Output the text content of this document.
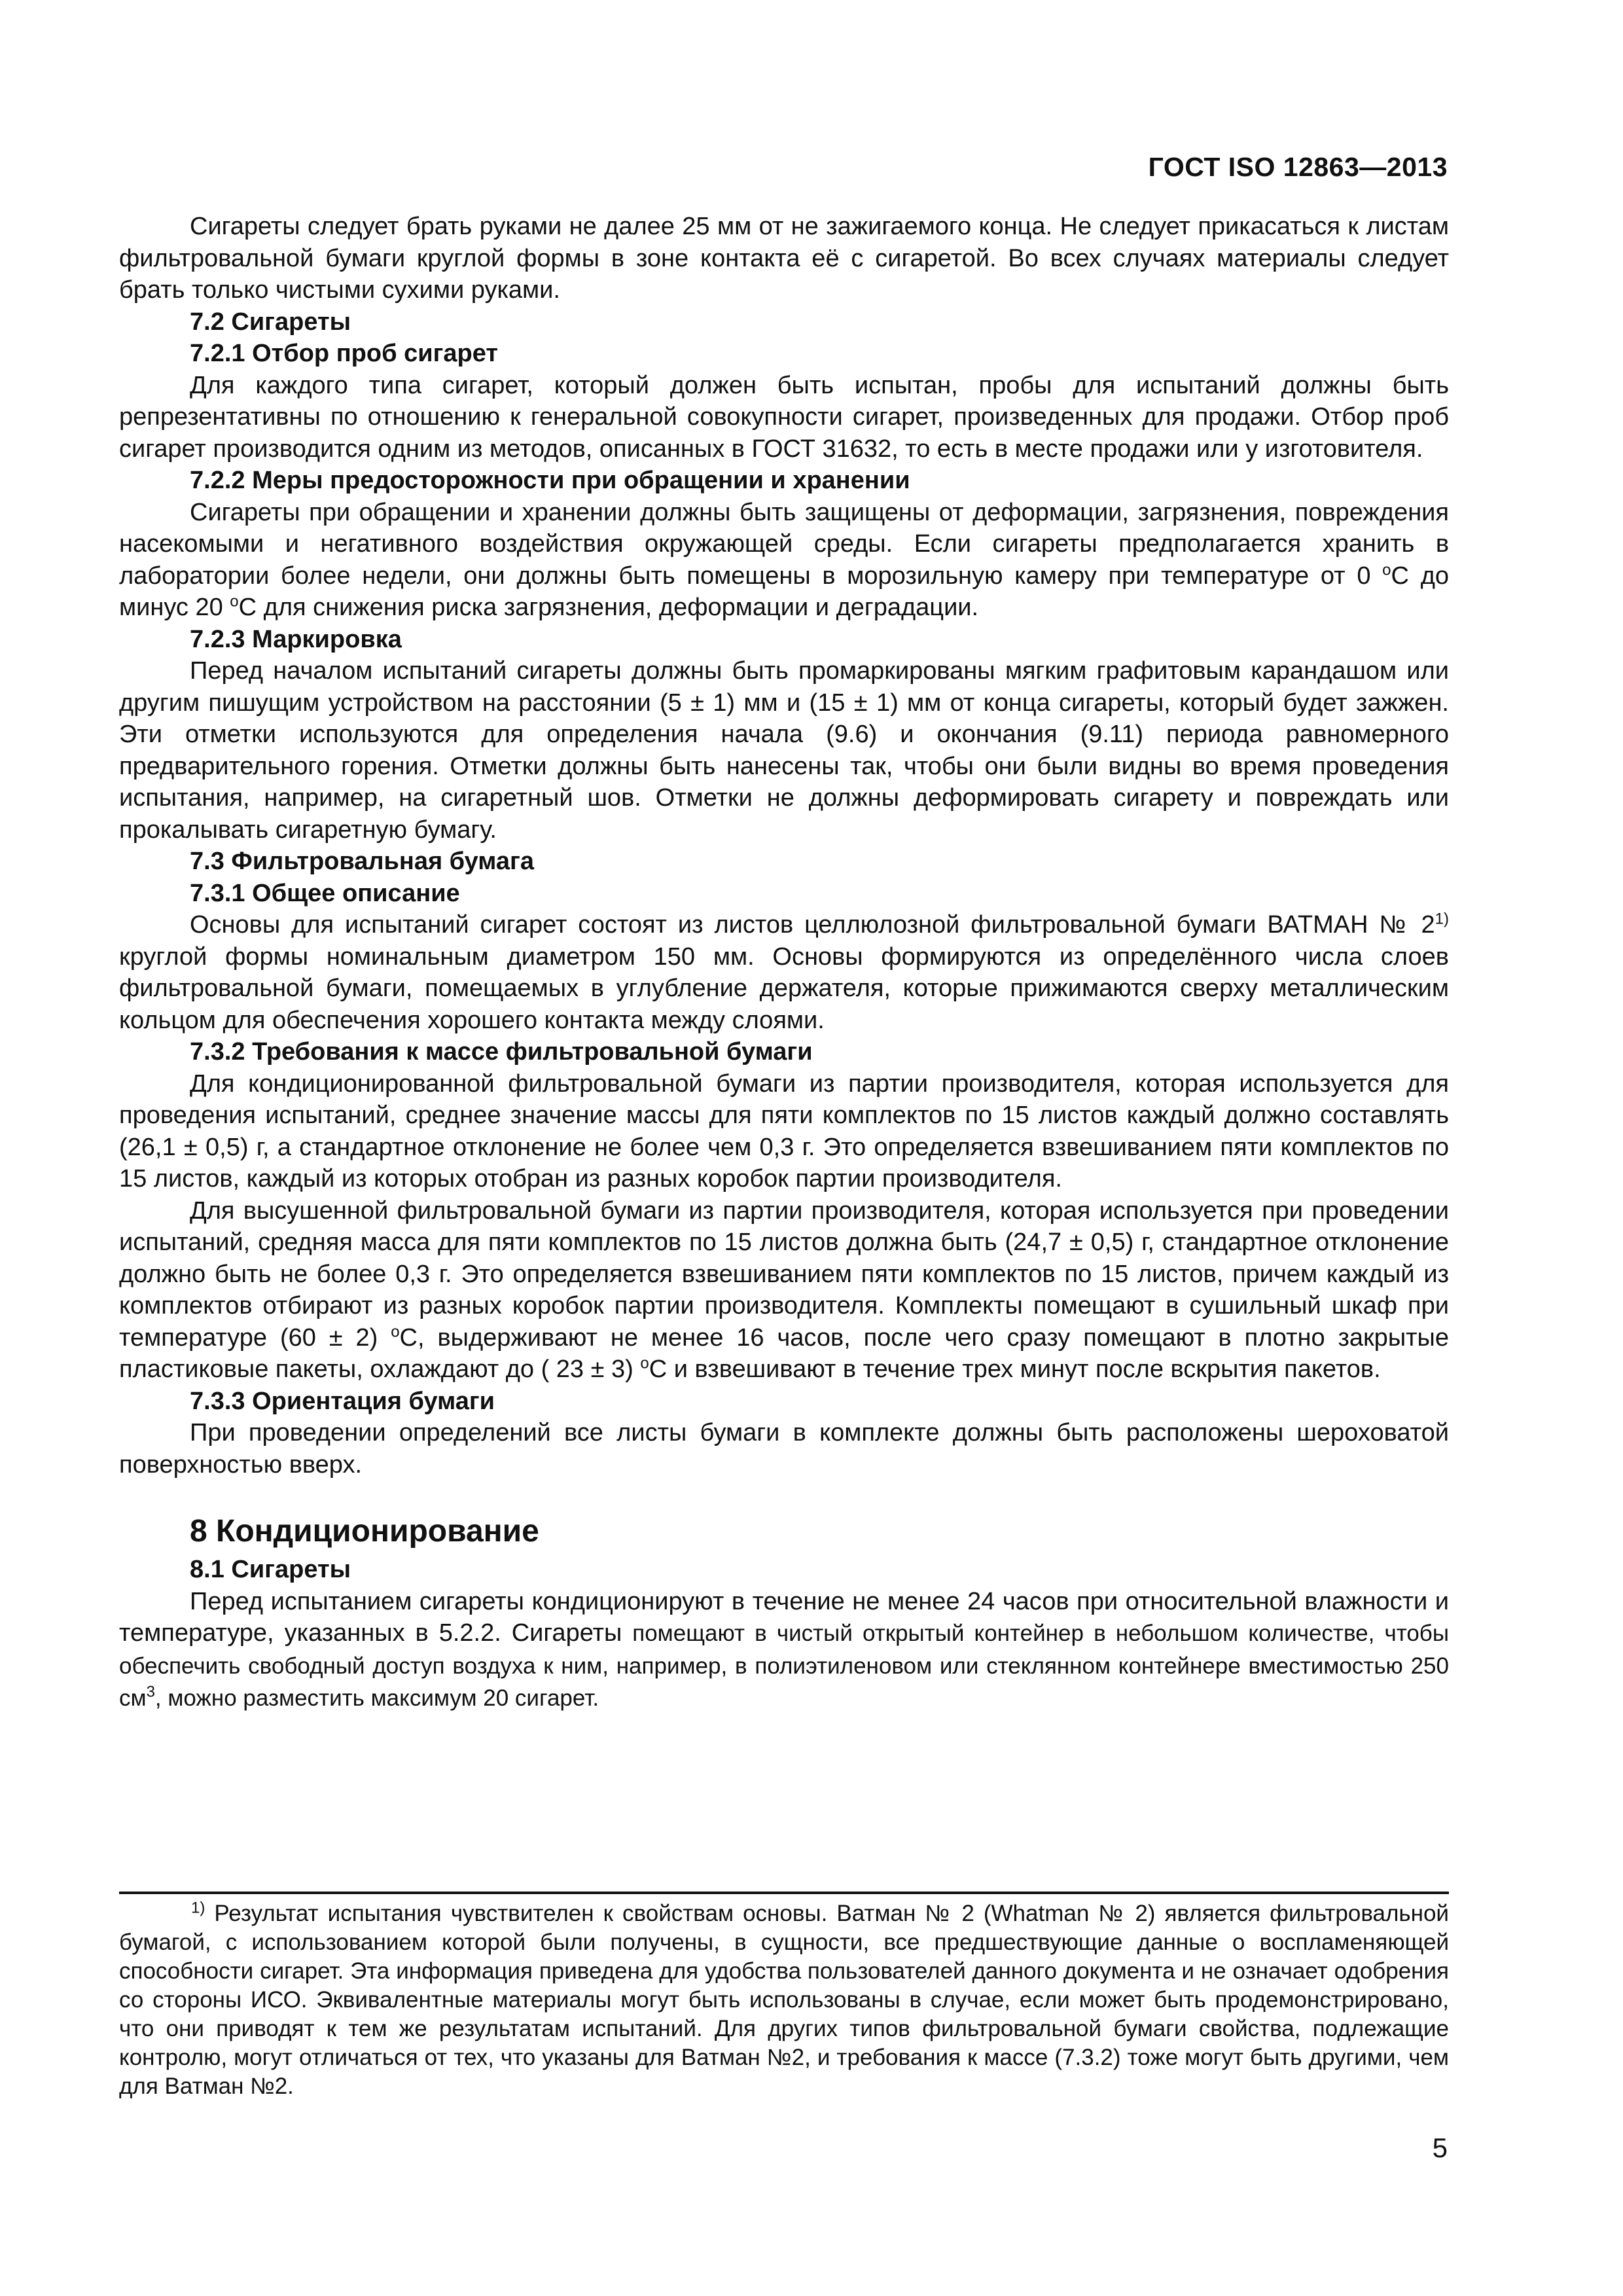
ГОСТ ISO 12863—2013

Сигареты следует брать руками не далее 25 мм от не зажигаемого конца. Не следует прикасаться к листам фильтровальной бумаги круглой формы в зоне контакта её с сигаретой. Во всех случаях материалы следует брать только чистыми сухими руками.

7.2 Сигареты

7.2.1 Отбор проб сигарет

Для каждого типа сигарет, который должен быть испытан, пробы для испытаний должны быть репрезентативны по отношению к генеральной совокупности сигарет, произведенных для продажи. Отбор проб сигарет производится одним из методов, описанных в ГОСТ 31632, то есть в месте продажи или у изготовителя.

7.2.2 Меры предосторожности при обращении и хранении

Сигареты при обращении и хранении должны быть защищены от деформации, загрязнения, повреждения насекомыми и негативного воздействия окружающей среды. Если сигареты предполагается хранить в лаборатории более недели, они должны быть помещены в морозильную камеру при температуре от 0 $^o$С до минус 20 $^o$С для снижения риска загрязнения, деформации и деградации.

7.2.3 Маркировка

Перед началом испытаний сигареты должны быть промаркированы мягким графитовым карандашом или другим пишущим устройством на расстоянии (5 ± 1) мм и (15 ± 1) мм от конца сигареты, который будет зажжен. Эти отметки используются для определения начала (9.6) и окончания (9.11) периода равномерного предварительного горения. Отметки должны быть нанесены так, чтобы они были видны во время проведения испытания, например, на сигаретный шов. Отметки не должны деформировать сигарету и повреждать или прокалывать сигаретную бумагу.

7.3 Фильтровальная бумага

7.3.1 Общее описание

Основы для испытаний сигарет состоят из листов целлюлозной фильтровальной бумаги ВАТМАН № 2$^{1)}$ круглой формы номинальным диаметром 150 мм. Основы формируются из определённого числа слоев фильтровальной бумаги, помещаемых в углубление держателя, которые прижимаются сверху металлическим кольцом для обеспечения хорошего контакта между слоями.

7.3.2 Требования к массе фильтровальной бумаги

Для кондиционированной фильтровальной бумаги из партии производителя, которая используется для проведения испытаний, среднее значение массы для пяти комплектов по 15 листов каждый должно составлять (26,1 ± 0,5) г, а стандартное отклонение не более чем 0,3 г. Это определяется взвешиванием пяти комплектов по 15 листов, каждый из которых отобран из разных коробок партии производителя.

Для высушенной фильтровальной бумаги из партии производителя, которая используется при проведении испытаний, средняя масса для пяти комплектов по 15 листов должна быть (24,7 ± 0,5) г, стандартное отклонение должно быть не более 0,3 г. Это определяется взвешиванием пяти комплектов по 15 листов, причем каждый из комплектов отбирают из разных коробок партии производителя. Комплекты помещают в сушильный шкаф при температуре (60 ± 2) $^o$С, выдерживают не менее 16 часов, после чего сразу помещают в плотно закрытые пластиковые пакеты, охлаждают до ( 23 ± 3) $^o$С и взвешивают в течение трех минут после вскрытия пакетов.

7.3.3 Ориентация бумаги

При проведении определений все листы бумаги в комплекте должны быть расположены шероховатой поверхностью вверх.

8 Кондиционирование

8.1 Сигареты

Перед испытанием сигареты кондиционируют в течение не менее 24 часов при относительной влажности и температуре, указанных в 5.2.2. Сигареты помещают в чистый открытый контейнер в небольшом количестве, чтобы обеспечить свободный доступ воздуха к ним, например, в полиэтиленовом или стеклянном контейнере вместимостью 250 $см^3$, можно разместить максимум 20 сигарет.

$^{1)}$ Результат испытания чувствителен к свойствам основы. Ватман № 2 (Whatman № 2) является фильтровальной бумагой, с использованием которой были получены, в сущности, все предшествующие данные о воспламеняющей способности сигарет. Эта информация приведена для удобства пользователей данного документа и не означает одобрения со стороны ИСО. Эквивалентные материалы могут быть использованы в случае, если может быть продемонстрировано, что они приводят к тем же результатам испытаний. Для других типов фильтровальной бумаги свойства, подлежащие контролю, могут отличаться от тех, что указаны для Ватман №2, и требования к массе (7.3.2) тоже могут быть другими, чем для Ватман №2.

5
